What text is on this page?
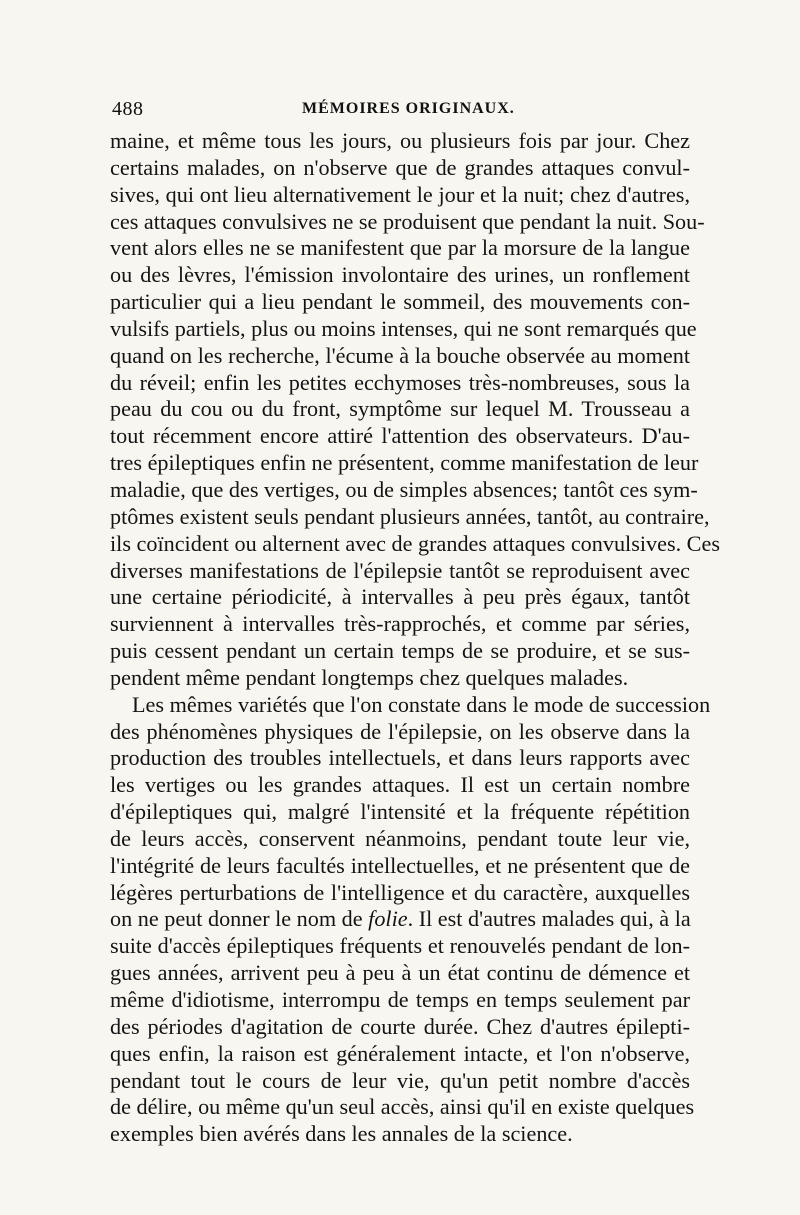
488	MÉMOIRES ORIGINAUX.
maine, et même tous les jours, ou plusieurs fois par jour. Chez
certains malades, on n'observe que de grandes attaques convul-
sives, qui ont lieu alternativement le jour et la nuit; chez d'autres,
ces attaques convulsives ne se produisent que pendant la nuit. Sou-
vent alors elles ne se manifestent que par la morsure de la langue
ou des lèvres, l'émission involontaire des urines, un ronflement
particulier qui a lieu pendant le sommeil, des mouvements con-
vulsifs partiels, plus ou moins intenses, qui ne sont remarqués que
quand on les recherche, l'écume à la bouche observée au moment
du réveil; enfin les petites ecchymoses très-nombreuses, sous la
peau du cou ou du front, symptôme sur lequel M. Trousseau a
tout récemment encore attiré l'attention des observateurs. D'au-
tres épileptiques enfin ne présentent, comme manifestation de leur
maladie, que des vertiges, ou de simples absences; tantôt ces sym-
ptômes existent seuls pendant plusieurs années, tantôt, au contraire,
ils coïncident ou alternent avec de grandes attaques convulsives. Ces
diverses manifestations de l'épilepsie tantôt se reproduisent avec
une certaine périodicité, à intervalles à peu près égaux, tantôt
surviennent à intervalles très-rapprochés, et comme par séries,
puis cessent pendant un certain temps de se produire, et se sus-
pendent même pendant longtemps chez quelques malades.
Les mêmes variétés que l'on constate dans le mode de succession
des phénomènes physiques de l'épilepsie, on les observe dans la
production des troubles intellectuels, et dans leurs rapports avec
les vertiges ou les grandes attaques. Il est un certain nombre
d'épileptiques qui, malgré l'intensité et la fréquente répétition
de leurs accès, conservent néanmoins, pendant toute leur vie,
l'intégrité de leurs facultés intellectuelles, et ne présentent que de
légères perturbations de l'intelligence et du caractère, auxquelles
on ne peut donner le nom de folie. Il est d'autres malades qui, à la
suite d'accès épileptiques fréquents et renouvelés pendant de lon-
gues années, arrivent peu à peu à un état continu de démence et
même d'idiotisme, interrompu de temps en temps seulement par
des périodes d'agitation de courte durée. Chez d'autres épilepti-
ques enfin, la raison est généralement intacte, et l'on n'observe,
pendant tout le cours de leur vie, qu'un petit nombre d'accès
de délire, ou même qu'un seul accès, ainsi qu'il en existe quelques
exemples bien avérés dans les annales de la science.
